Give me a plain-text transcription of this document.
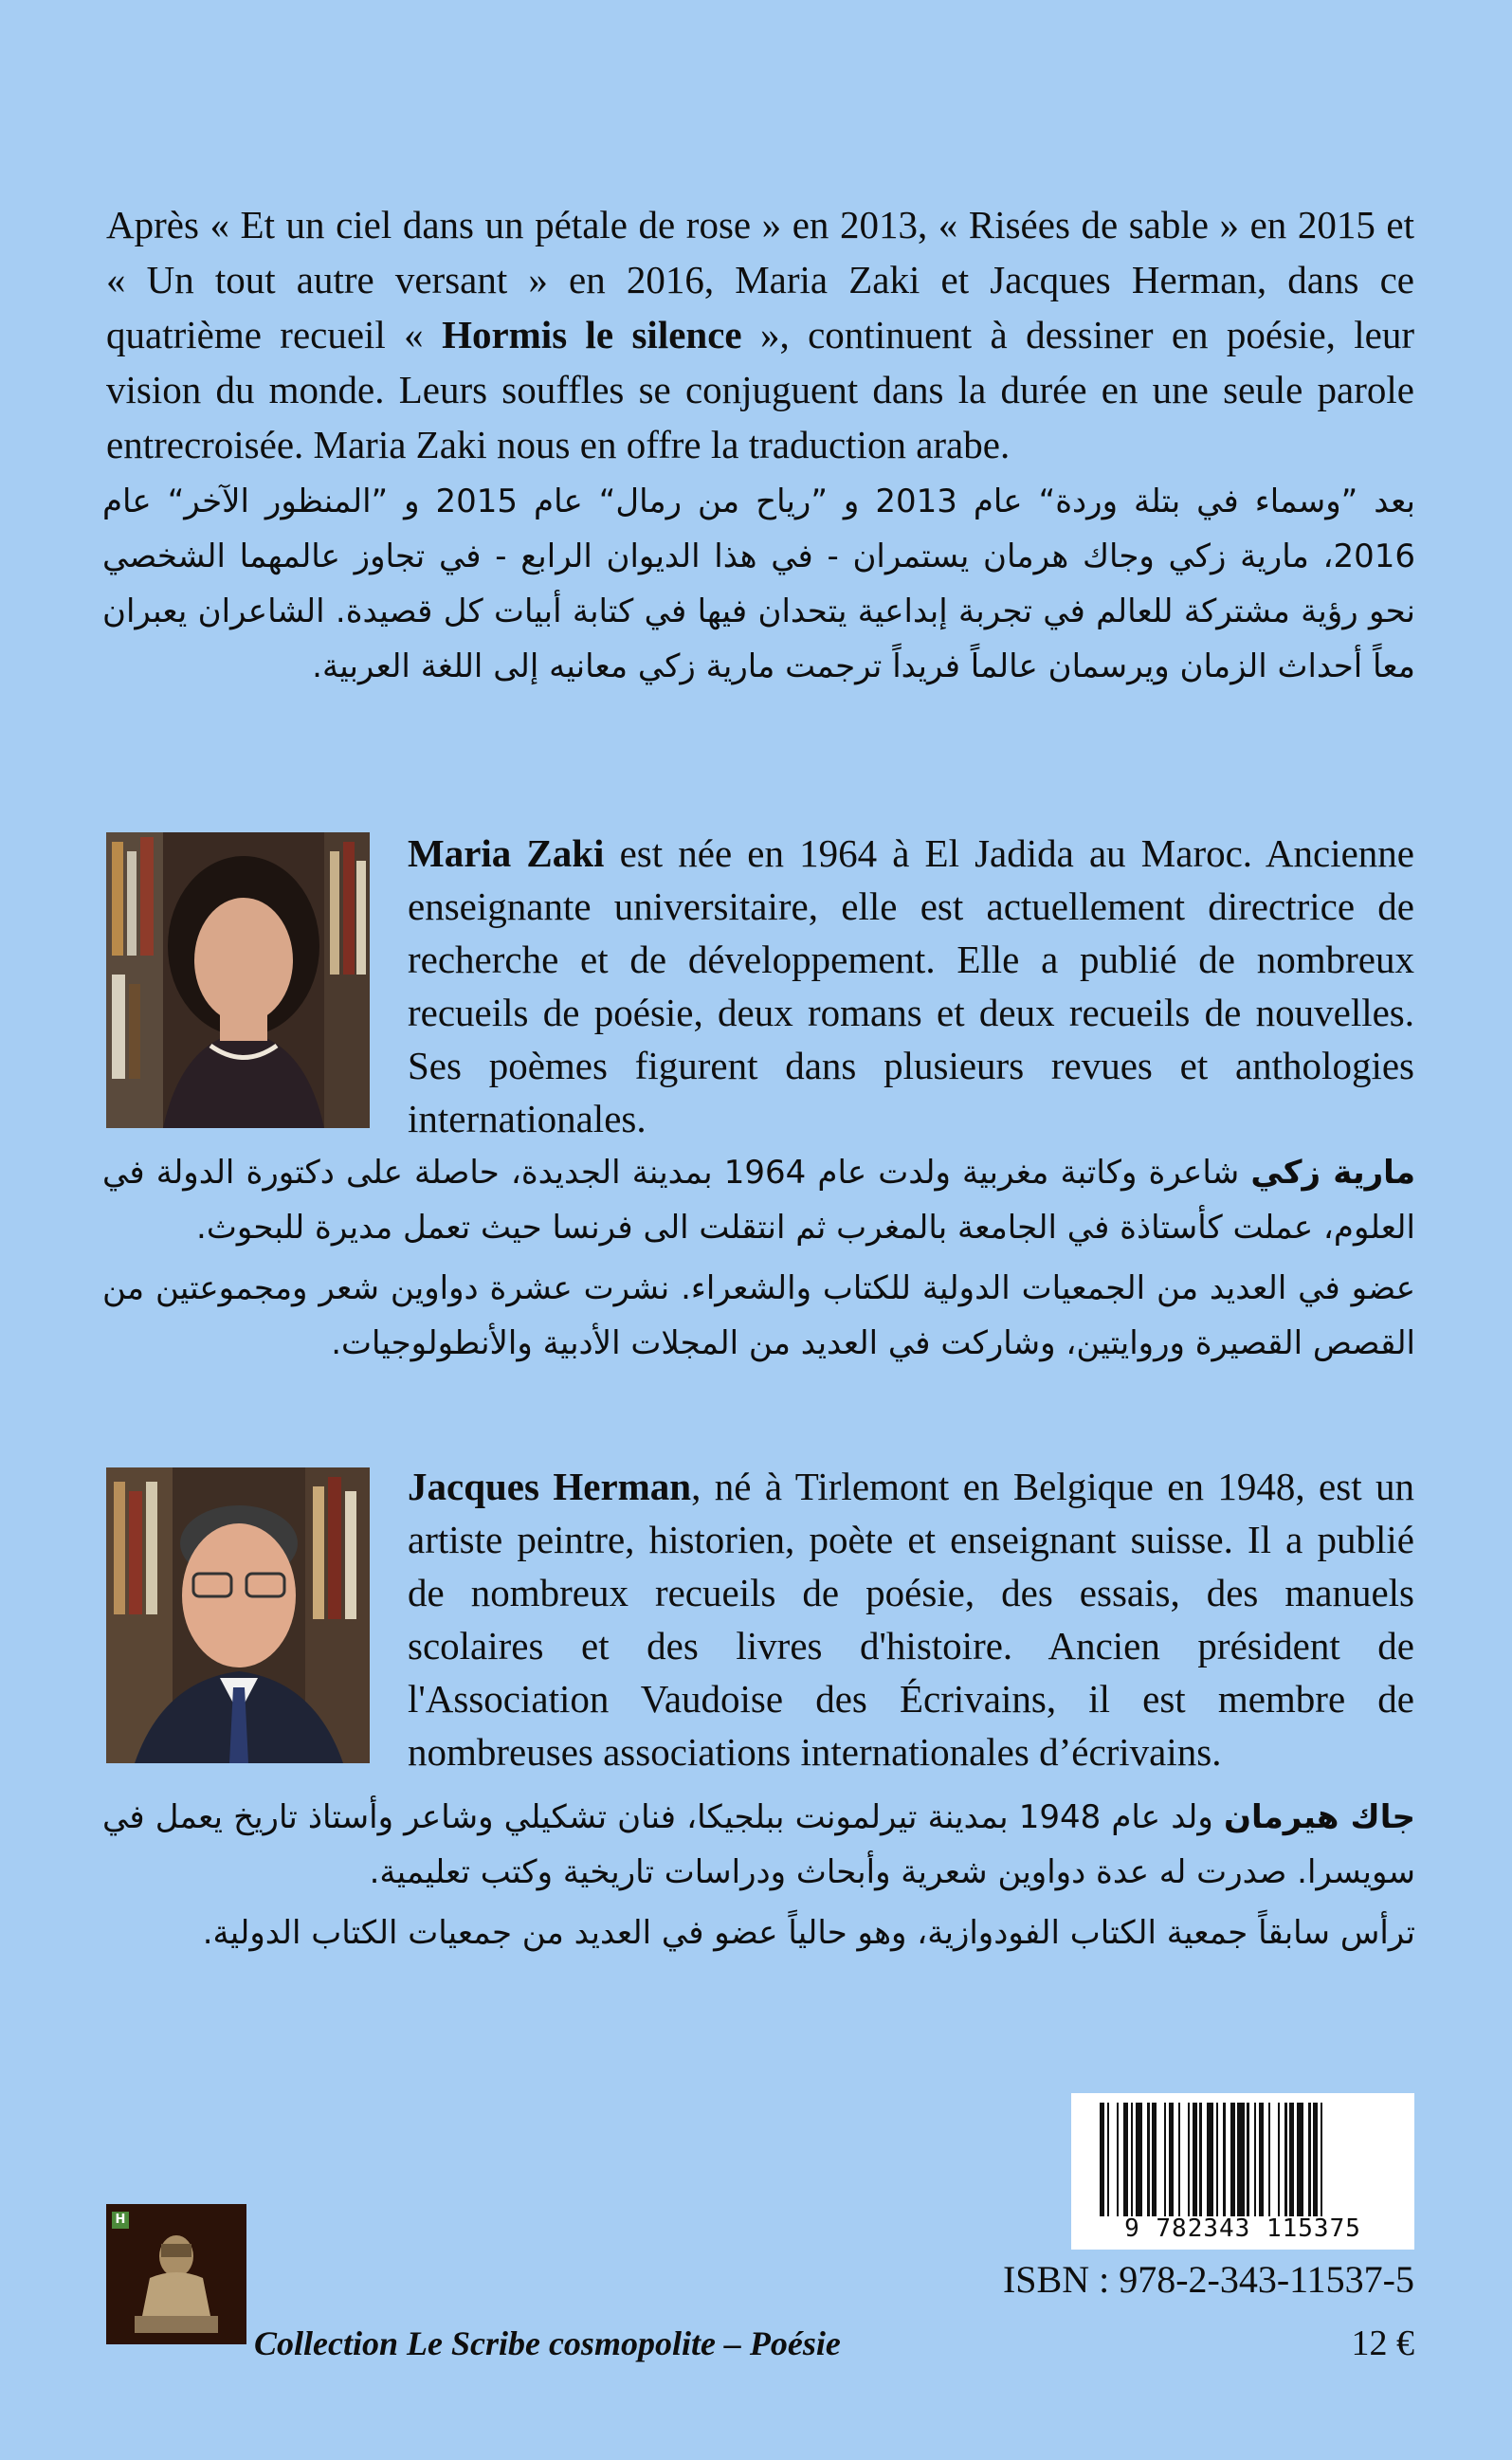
Après « Et un ciel dans un pétale de rose » en 2013, « Risées de sable » en 2015 et « Un tout autre versant » en 2016, Maria Zaki et Jacques Herman, dans ce quatrième recueil « Hormis le silence », continuent à dessiner en poésie, leur vision du monde. Leurs souffles se conjuguent dans la durée en une seule parole entrecroisée. Maria Zaki nous en offre la traduction arabe.
بعد ”وسماء في بتلة وردة“ عام 2013 و ”رياح من رمال“ عام 2015 و ”المنظور الآخر“ عام 2016، مارية زكي وجاك هرمان يستمران - في هذا الديوان الرابع - في تجاوز عالمهما الشخصي نحو رؤية مشتركة للعالم في تجربة إبداعية يتحدان فيها في كتابة أبيات كل قصيدة. الشاعران يعبران معاً أحداث الزمان ويرسمان عالماً فريداً ترجمت مارية زكي معانيه إلى اللغة العربية.
Maria Zaki est née en 1964 à El Jadida au Maroc. Ancienne enseignante universitaire, elle est actuellement directrice de recherche et de développement. Elle a publié de nombreux recueils de poésie, deux romans et deux recueils de nouvelles. Ses poèmes figurent dans plusieurs revues et anthologies internationales.
مارية زكي شاعرة وكاتبة مغربية ولدت عام 1964 بمدينة الجديدة، حاصلة على دكتورة الدولة في العلوم، عملت كأستاذة في الجامعة بالمغرب ثم انتقلت الى فرنسا حيث تعمل مديرة للبحوث.
عضو في العديد من الجمعيات الدولية للكتاب والشعراء. نشرت عشرة دواوين شعر ومجموعتين من القصص القصيرة وروايتين، وشاركت في العديد من المجلات الأدبية والأنطولوجيات.
Jacques Herman, né à Tirlemont en Belgique en 1948, est un artiste peintre, historien, poète et enseignant suisse. Il a publié de nombreux recueils de poésie, des essais, des manuels scolaires et des livres d'histoire. Ancien président de l'Association Vaudoise des Écrivains, il est membre de nombreuses associations internationales d’écrivains.
جاك هيرمان ولد عام 1948 بمدينة تيرلمونت ببلجيكا، فنان تشكيلي وشاعر وأستاذ تاريخ يعمل في سويسرا. صدرت له عدة دواوين شعرية وأبحاث ودراسات تاريخية وكتب تعليمية.
ترأس سابقاً جمعية الكتاب الفودوازية، وهو حالياً عضو في العديد من جمعيات الكتاب الدولية.
9 782343 115375
ISBN : 978-2-343-11537-5
H
Collection Le Scribe cosmopolite – Poésie	12 €
